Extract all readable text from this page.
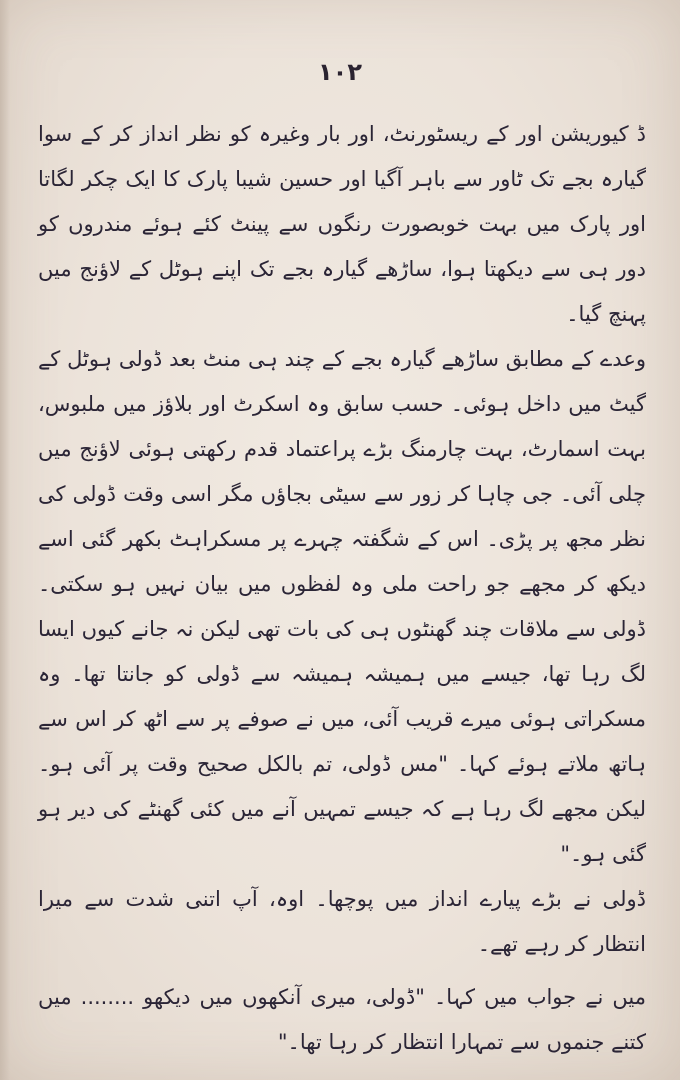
۱۰۲

ڈ کیوریشن اور کے ریسٹورنٹ، اور بار وغیرہ کو نظر انداز کر کے سوا گیارہ بجے تک ٹاور سے باہر آگیا اور حسین شیبا پارک کا ایک چکر لگاتا اور پارک میں بہت خوبصورت رنگوں سے پینٹ کئے ہوئے مندروں کو دور ہی سے دیکھتا ہوا، ساڑھے گیارہ بجے تک اپنے ہوٹل کے لاؤنج میں پہنچ گیا۔

وعدے کے مطابق ساڑھے گیارہ بجے کے چند ہی منٹ بعد ڈولی ہوٹل کے گیٹ میں داخل ہوئی۔ حسب سابق وہ اسکرٹ اور بلاؤز میں ملبوس، بہت اسمارٹ، بہت چارمنگ بڑے پراعتماد قدم رکھتی ہوئی لاؤنج میں چلی آئی۔ جی چاہا کر زور سے سیٹی بجاؤں مگر اسی وقت ڈولی کی نظر مجھ پر پڑی۔ اس کے شگفتہ چہرے پر مسکراہٹ بکھر گئی اسے دیکھ کر مجھے جو راحت ملی وہ لفظوں میں بیان نہیں ہو سکتی۔ ڈولی سے ملاقات چند گھنٹوں ہی کی بات تھی لیکن نہ جانے کیوں ایسا لگ رہا تھا، جیسے میں ہمیشہ ہمیشہ سے ڈولی کو جانتا تھا۔ وہ مسکراتی ہوئی میرے قریب آئی، میں نے صوفے پر سے اٹھ کر اس سے ہاتھ ملاتے ہوئے کہا۔ "مس ڈولی، تم بالکل صحیح وقت پر آئی ہو۔ لیکن مجھے لگ رہا ہے کہ جیسے تمہیں آنے میں کئی گھنٹے کی دیر ہو گئی ہو۔"

ڈولی نے بڑے پیارے انداز میں پوچھا۔ اوہ، آپ اتنی شدت سے میرا انتظار کر رہے تھے۔

میں نے جواب میں کہا۔ "ڈولی، میری آنکھوں میں دیکھو ........ میں کتنے جنموں سے تمہارا انتظار کر رہا تھا۔"
